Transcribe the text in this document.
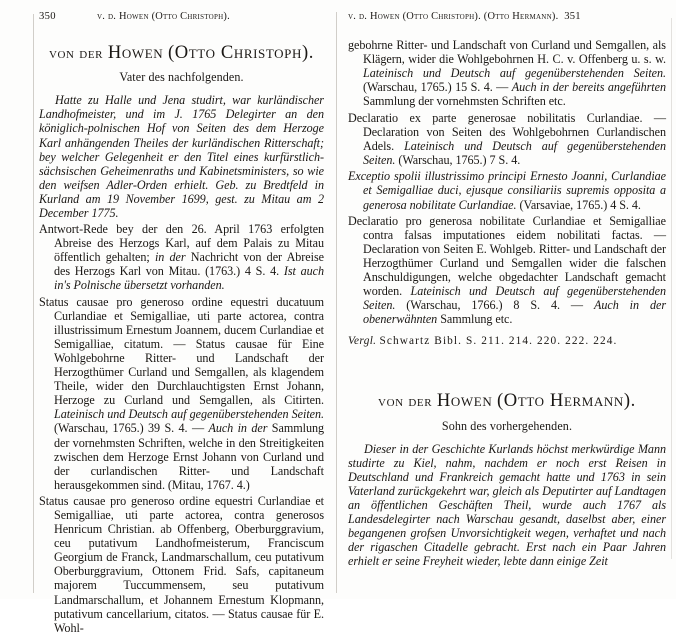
350	v. d. Howen (Otto Christoph).
von der Howen (Otto Christoph).
Vater des nachfolgenden.

Hatte zu Halle und Jena studirt, war kurländischer Landhofmeister, und im J. 1765 Delegirter an den königlich-polnischen Hof von Seiten des dem Herzoge Karl anhängenden Theiles der kurländischen Ritterschaft; bey welcher Gelegenheit er den Titel eines kurfürstlich-sächsischen Geheimenraths und Kabinetsministers, so wie den weifsen Adler-Orden erhielt. Geb. zu Bredtfeld in Kurland am 19 November 1699, gest. zu Mitau am 2 December 1775.

Antwort-Rede bey der den 26. April 1763 erfolgten Abreise des Herzogs Karl, auf dem Palais zu Mitau öffentlich gehalten; in der Nachricht von der Abreise des Herzogs Karl von Mitau. (1763.) 4 S. 4. Ist auch in's Polnische übersetzt vorhanden.

Status causae pro generoso ordine equestri ducatuum Curlandiae et Semigalliae, uti parte actorea, contra illustrissimum Ernestum Joannem, ducem Curlandiae et Semigalliae, citatum. — Status causae für Eine Wohlgebohrne Ritter- und Landschaft der Herzogthümer Curland und Semgallen, als klagendem Theile, wider den Durchlauchtigsten Ernst Johann, Herzoge zu Curland und Semgallen, als Citirten. Lateinisch und Deutsch auf gegenüberstehenden Seiten. (Warschau, 1765.) 39 S. 4. — Auch in der Sammlung der vornehmsten Schriften, welche in den Streitigkeiten zwischen dem Herzoge Ernst Johann von Curland und der curlandischen Ritter- und Landschaft herausgekommen sind. (Mitau, 1767. 4.)

Status causae pro generoso ordine equestri Curlandiae et Semigalliae, uti parte actorea, contra generosos Henricum Christian. ab Offenberg, Oberburggravium, ceu putativum Landhofmeisterum, Franciscum Georgium de Franck, Landmarschallum, ceu putativum Oberburggravium, Ottonem Frid. Safs, capitaneum majorem Tuccummensem, seu putativum Landmarschallum, et Johannem Ernestum Klopmann, putativum cancellarium, citatos. — Status causae für E. Wohl-

v. d. Howen (Otto Christoph). (Otto Hermann). 351

gebohrne Ritter- und Landschaft von Curland und Semgallen, als Klägern, wider die Wohlgebohrnen H. C. v. Offenberg u. s. w. Lateinisch und Deutsch auf gegenüberstehenden Seiten. (Warschau, 1765.) 15 S. 4. — Auch in der bereits angeführten Sammlung der vornehmsten Schriften etc.

Declaratio ex parte generosae nobilitatis Curlandiae. — Declaration von Seiten des Wohlgebohrnen Curlandischen Adels. Lateinisch und Deutsch auf gegenüberstehenden Seiten. (Warschau, 1765.) 7 S. 4.

Exceptio spolii illustrissimo principi Ernesto Joanni, Curlandiae et Semigalliae duci, ejusque consiliariis supremis opposita a generosa nobilitate Curlandiae. (Varsaviae, 1765.) 4 S. 4.

Declaratio pro generosa nobilitate Curlandiae et Semigalliae contra falsas imputationes eidem nobilitati factas. — Declaration von Seiten E. Wohlgeb. Ritter- und Landschaft der Herzogthümer Curland und Semgallen wider die falschen Anschuldigungen, welche obgedachter Landschaft gemacht worden. Lateinisch und Deutsch auf gegenüberstehenden Seiten. (Warschau, 1766.) 8 S. 4. — Auch in der obenerwähnten Sammlung etc.

Vergl. Schwartz Bibl. S. 211. 214. 220. 222. 224.

von der Howen (Otto Hermann).
Sohn des vorhergehenden.

Dieser in der Geschichte Kurlands höchst merkwürdige Mann studirte zu Kiel, nahm, nachdem er noch erst Reisen in Deutschland und Frankreich gemacht hatte und 1763 in sein Vaterland zurückgekehrt war, gleich als Deputirter auf Landtagen an öffentlichen Geschäften Theil, wurde auch 1767 als Landesdelegirter nach Warschau gesandt, daselbst aber, einer begangenen grofsen Unvorsichtigkeit wegen, verhaftet und nach der rigaschen Citadelle gebracht. Erst nach ein Paar Jahren erhielt er seine Freyheit wieder, lebte dann einige Zeit
